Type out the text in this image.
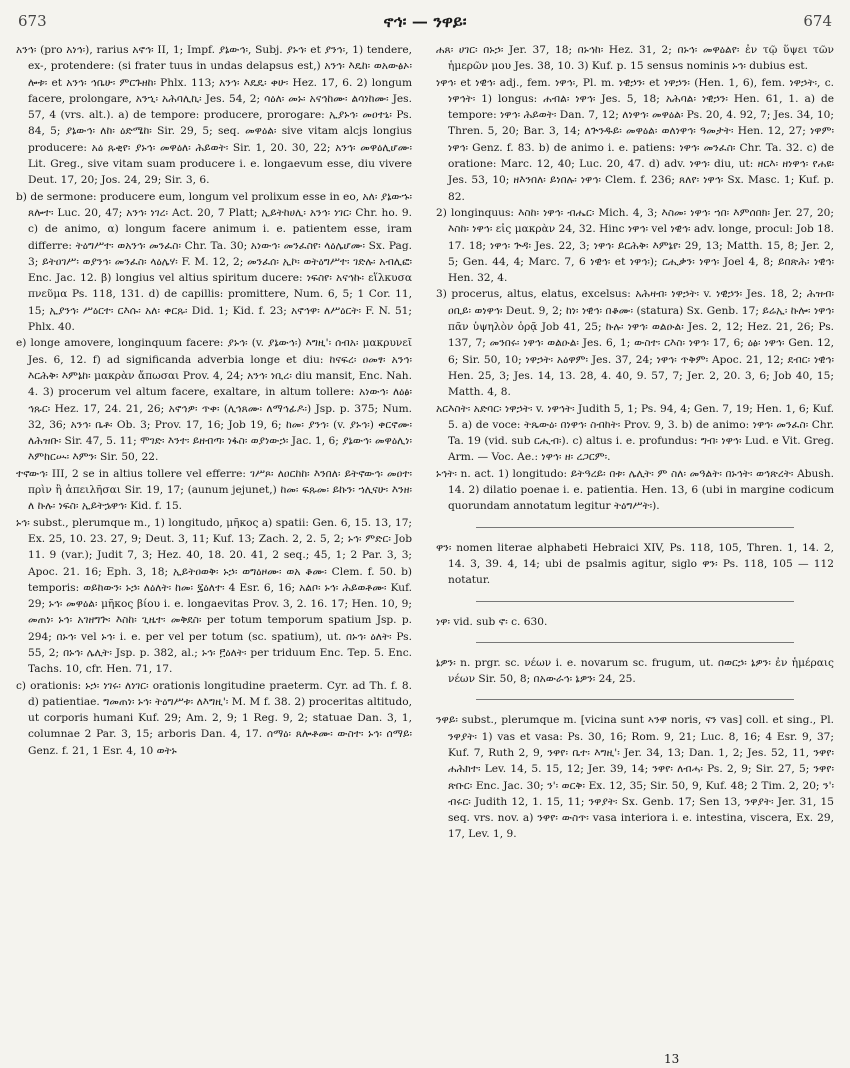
673	ኖኅ፡ — ንዋይ፡	674

አንኅ፡ (pro አነኅ፡), rarius አኖኅ፡ II, 1; Impf. ያኔውኅ፡, Subj. ያኑኅ፡ et ያንኅ፡, 1) tendere, ex-, protendere: (si frater tuus in undas delapsus est,) አንኅ፡ እዴከ፡ ወአውፅኦ፡ ሎቱ፡ et አንኅ፡ ኅቤሁ፡ ምርጉዘከ፡ Phlx. 113; አንኅ፡ እዴዴ፡ ቀሁ፡ Hez. 17, 6. 2) longum facere, prolongare, አንኂ፡ አሕባሊኪ፡ Jes. 54, 2; ሳዕለ፡ መኑ፡ አናኅከሙ፡ ልሳነከሙ፡ Jes. 57, 4 (vrs. alt.). a) de tempore: producere, prorogare: ኢያኑኅ፡ መዐተኒ፡ Ps. 84, 5; ያኔውኅ፡ ለከ፡ ዕድሜከ፡ Sir. 29, 5; seq. መዋዕል፡ sive vitam alcjs longius producere: አዕ ጹቂየ፡ ያኑኅ፡ መዋዕለ፡ ሕይወት፡ Sir. 1, 20. 30, 22; አንኅ፡ መዋዕሊሆሙ፡ Lit. Greg., sive vitam suam producere i. e. longaevum esse, diu vivere Deut. 17, 20; Jos. 24, 29; Sir. 3, 6.

b) de sermone: producere eum, longum vel prolixum esse in eo, አለ፡ ያኔውኁ፡ ጸሎተ፡ Luc. 20, 47; አንኅ፡ ነገረ፡ Act. 20, 7 Platt; ኢይትከሀሊ፡ አንኅ፡ ነገር፡ Chr. ho. 9. c) de animo, α) longum facere animum i. e. patientem esse, iram differre: ትዕግሥተ፡ ወአንኅ፡ መንፈስ፡ Chr. Ta. 30; አነውኅ፡ መንፈስየ፡ ላዕሌሆሙ፡ Sx. Pag. 3; ይትዐገሥ፡ ወያንኅ፡ መንፈስ፡ ላዕሌሃ፡ F. M. 12, 2; መንፈሰ፡ ኢኮ፡ ወትዕግሥተ፡ ገድሉ፡ አብሊፎ፡ Enc. Jac. 12. β) longius vel altius spiritum ducere: ነፍስየ፡ አናኅኩ፡ εἵλκυσα πνεῦμα Ps. 118, 131. d) de capillis: promittere, Num. 6, 5; 1 Cor. 11, 15; ኢያንኅ፡ ሥዕርተ፡ ርእሱ፡ አለ፡ ቀርጹ፡ Did. 1; Kid. f. 23; አኖኅዋ፡ ለሥዕርት፡ F. N. 51; Phlx. 40.

e) longe amovere, longinquum facere: ያኑኅ፡ (v. ያኔውኅ፡) እግዚ'፡ ሰብአ፡ μακρυνεῖ Jes. 6, 12. f) ad significanda adverbia longe et diu: ከናፍረ፡ ዐመፃ፡ አንኅ፡ እርሕቅ፡ እምኔከ፡ μακρὰν ἄπωσαι Prov. 4, 24; አንኅ፡ ነቢረ፡ diu mansit, Enc. Nah. 4. 3) procerum vel altum facere, exaltare, in altum tollere: አነውኅ፡ ለዕፅ፡ ኅጹር፡ Hez. 17, 24. 21, 26; አኖኅዎ፡ ጥቀ፡ (ሊኅጸሙ፡ ለማኅፊዶ፡) Jsp. p. 375; Num. 32, 36; አንኅ፡ ቤቶ፡ Ob. 3; Prov. 17, 16; Job 19, 6; ከመ፡ ያንኅ፡ (v. ያኑኅ፡) ቀርኖሙ፡ ለሕዝቡ፡ Sir. 47, 5. 11; ሞገድ፡ እንተ፡ ይዘብጣ፡ ነፋስ፡ ወያነውኃ፡ Jac. 1, 6; ያኔውኅ፡ መዋዕሊነ፡ እምከርሡ፡ እምን፡ Sir. 50, 22.

ተኖውኅ፡ III, 2 se in altius tollere vel efferre: ገሥጾ፡ ለዐርከከ፡ እንበለ፡ ይትኖውኅ፡ መዐተ፡ πρὶν ἢ ἀπειλῆσαι Sir. 19, 17; (aunum jejunet,) ከመ፡ ፍጹመ፡ ይኩን፡ ኀሊናሁ፡ እንዘ፡ ለ ኩሉ፡ ነፍስ፡ ኢይትኌዋኅ፡ Kid. f. 15.

ኑኅ፡ subst., plerumque m., 1) longitudo, μῆκος a) spatii: Gen. 6, 15. 13, 17; Ex. 25, 10. 23. 27, 9; Deut. 3, 11; Kuf. 13; Zach. 2, 2. 5, 2; ኑኅ፡ ምድር፡ Job 11. 9 (var.); Judit 7, 3; Hez. 40, 18. 20. 41, 2 seq.; 45, 1; 2 Par. 3, 3; Apoc. 21. 16; Eph. 3, 18; ኢይትዐወቅ፡ ኑኃ፡ ወግዕዞሙ፡ ወአ ቆሙ፡ Clem. f. 50. b) temporis: ወይከውን፡ ኑኃ፡ ለዕለት፡ ከመ፡ ፯ዕለተ፡ 4 Esr. 6, 16; አልቦ፡ ኑኅ፡ ሕይወቶሙ፡ Kuf. 29; ኑኅ፡ መዋዕል፡ μῆκος βίου i. e. longaevitas Prov. 3, 2. 16. 17; Hen. 10, 9; መጠነ፡ ኑኅ፡ አገዘግጕ፡ እስከ፡ ጊዜተ፡ መቅደስ፡ per totum temporum spatium Jsp. p. 294; በኑኅ፡ vel ኑኅ፡ i. e. per vel per totum (sc. spatium), ut. በኑኅ፡ ዕለት፡ Ps. 55, 2; በኑኅ፡ ሌሊት፡ Jsp. p. 382, al.; ኑኅ፡ ፫ዕለት፡ per triduum Enc. Tep. 5. Enc. Tachs. 10, cfr. Hen. 71, 17.

c) orationis: ኑኃ፡ ነገሩ፡ ለነገር፡ orationis longitudine praeterm. Cyr. ad Th. f. 8. d) patientiae. ግመጠነ፡ ኑኅ፡ ትዕግሥቱ፡ ለእግዚ'፡ M. M f. 38. 2) proceritas altitudo, ut corporis humani Kuf. 29; Am. 2, 9; 1 Reg. 9, 2; statuae Dan. 3, 1, columnae 2 Par. 3, 15; arboris Dan. 4, 17. ሰማዕ፡ ጸሎቶሙ፡ ውስተ፡ ኑኅ፡ ሰማይ፡ Genz. f. 21, 1 Esr. 4, 10 ወትኑ

ሐጸ፡ ሀገር፡ በኑኃ፡ Jer. 37, 18; በኑኅከ፡ Hez. 31, 2; በኑኅ፡ መዋዕልየ፡ ἐν τῷ ὕψει τῶν ἡμερῶν μου Jes. 38, 10. 3) Kuf. p. 15 sensus nominis ኑኅ፡ dubius est.

ነዋኅ፡ et ነዊኅ፡ adj., fem. ነዋኅ፡, Pl. m. ነዊኃን፡ et ነዋኃን፡ (Hen. 1, 6), fem. ነዋኃት፡, c. ነዋኅት፡ 1) longus: ሐብል፡ ነዋኅ፡ Jes. 5, 18; አሕባል፡ ነዊኃን፡ Hen. 61, 1. a) de tempore: ነዋኅ፡ ሕይወት፡ Dan. 7, 12; ለነዋኅ፡ መዋዕል፡ Ps. 20, 4. 92, 7; Jes. 34, 10; Thren. 5, 20; Bar. 3, 14; ለጕንዱይ፡ መዋዕል፡ ወለነዋኅ፡ ዓመታት፡ Hen. 12, 27; ነዋም፡ ነዋኅ፡ Genz. f. 83. b) de animo i. e. patiens: ነዋኅ፡ መንፈስ፡ Chr. Ta. 32. c) de oratione: Marc. 12, 40; Luc. 20, 47. d) adv. ነዋኅ፡ diu, ut: ዘርእ፡ ዘነዋኅ፡ የሐዩ፡ Jes. 53, 10; ዘእንበለ፡ ይነበሉ፡ ነዋኅ፡ Clem. f. 236; ጸለየ፡ ነዋኅ፡ Sx. Masc. 1; Kuf. p. 82.

2) longinquus: እስከ፡ ነዋኅ፡ ብሔር፡ Mich. 4, 3; እስመ፡ ነዋኅ፡ ኀበ፡ እምሰበክ፡ Jer. 27, 20; እስከ፡ ነዋኅ፡ εἰς μακρὰν 24, 32. Hinc ነዋኅ፡ vel ነዊኅ፡ adv. longe, procul: Job 18. 17. 18; ነዋኅ፡ ጕዳ፡ Jes. 22, 3; ነዋኅ፡ ይርሕቅ፡ እምኔየ፡ 29, 13; Matth. 15, 8; Jer. 2, 5; Gen. 44, 4; Marc. 7, 6 ነዊኅ፡ et ነዋኅ፡); ርሒቃን፡ ነዋኅ፡ Joel 4, 8; ይበጽሕ፡ ነዊኅ፡ Hen. 32, 4.

3) procerus, altus, elatus, excelsus: አሕዛብ፡ ነዋኃት፡ v. ነዊኃን፡ Jes. 18, 2; ሕዝብ፡ ዐቢይ፡ ወነዋኅ፡ Deut. 9, 2; ከነ፡ ነዊኅ፡ በቆሙ፡ (statura) Sx. Genb. 17; ይሬኢ፡ ኩሎ፡ ነዋኅ፡ πᾶν ὑψηλὸν ὁρᾷ Job 41, 25; ኩሉ፡ ነዋኅ፡ ወልዑል፡ Jes. 2, 12; Hez. 21, 26; Ps. 137, 7; መንበሩ፡ ነዋኅ፡ ወልዑል፡ Jes. 6, 1; ውስተ፡ ርእስ፡ ነዋኅ፡ 17, 6; ዕፅ፡ ነዋኅ፡ Gen. 12, 6; Sir. 50, 10; ነዋኃት፡ አዕዋም፡ Jes. 37, 24; ነዋኅ፡ ጥቅም፡ Apoc. 21, 12; ደብር፡ ነዊኅ፡ Hen. 25, 3; Jes. 14, 13. 28, 4. 40, 9. 57, 7; Jer. 2, 20. 3, 6; Job 40, 15; Matth. 4, 8.

አርእስት፡ አድባር፡ ነዋኃት፡ v. ነዋኅት፡ Judith 5, 1; Ps. 94, 4; Gen. 7, 19; Hen. 1, 6; Kuf. 5. a) de voce: ትጼውዕ፡ በነዋኅ፡ ስብከት፡ Prov. 9, 3. b) de animo: ነዋኅ፡ መንፈስ፡ Chr. Ta. 19 (vid. sub ርሒብ፡). c) altus i. e. profundus: ግብ፡ ነዋኅ፡ Lud. e Vit. Greg. Arm. — Voc. Ae.: ነዋኅ፡ ዘ፡ ረጋርም፡.

ኑኅት፡ n. act. 1) longitudo: ይትዓረይ፡ በቱ፡ ሌሊት፡ ም ስለ፡ መዓልት፡ በኑኅት፡ ወኅጽረት፡ Abush. 14. 2) dilatio poenae i. e. patientia. Hen. 13, 6 (ubi in margine codicum quorundam annotatum legitur ትዕግሥት፡).

ዋን፡ nomen literae alphabeti Hebraici XIV, Ps. 118, 105, Thren. 1, 14. 2, 14. 3, 39. 4, 14; ubi de psalmis agitur, siglo ዋን፡ Ps. 118, 105 — 112 notatur.

ነዋ፡ vid. sub ኖ፡ c. 630.

ኔዎን፡ n. prgr. sc. νέων i. e. novarum sc. frugum, ut. በወርኃ፡ ኔዎን፡ ἐν ἡμέραις νέων Sir. 50, 8; በአውራኅ፡ ኔዎን፡ 24, 25.

ንዋይ፡ subst., plerumque m. [vicina sunt ኣ͏ንዋ͏ noris, ና͏ን͏ vas] coll. et sing., Pl. ንዋያት፡ 1) vas et vasa: Ps. 30, 16; Rom. 9, 21; Luc. 8, 16; 4 Esr. 9, 37; Kuf. 7, Ruth 2, 9, ንዋየ፡ ቤተ፡ እግዚ'፡ Jer. 34, 13; Dan. 1, 2; Jes. 52, 11, ንዋየ፡ ሐሕክተ፡ Lev. 14, 5. 15, 12; Jer. 39, 14; ንዋየ፡ ለብሓ፡ Ps. 2, 9; Sir. 27, 5; ንዋየ፡ ጽቡር፡ Enc. Jac. 30; ን'፡ ወርቅ፡ Ex. 12, 35; Sir. 50, 9, Kuf. 48; 2 Tim. 2, 20; ን'፡ ብሩር፡ Judith 12, 1. 15, 11; ንዋያት፡ Sx. Genb. 17; Sen 13, ንዋያት፡ Jer. 31, 15 seq. vrs. nov. a) ንዋየ፡ ውስጥ፡ vasa interiora i. e. intestina, viscera, Ex. 29, 17, Lev. 1, 9.

13
